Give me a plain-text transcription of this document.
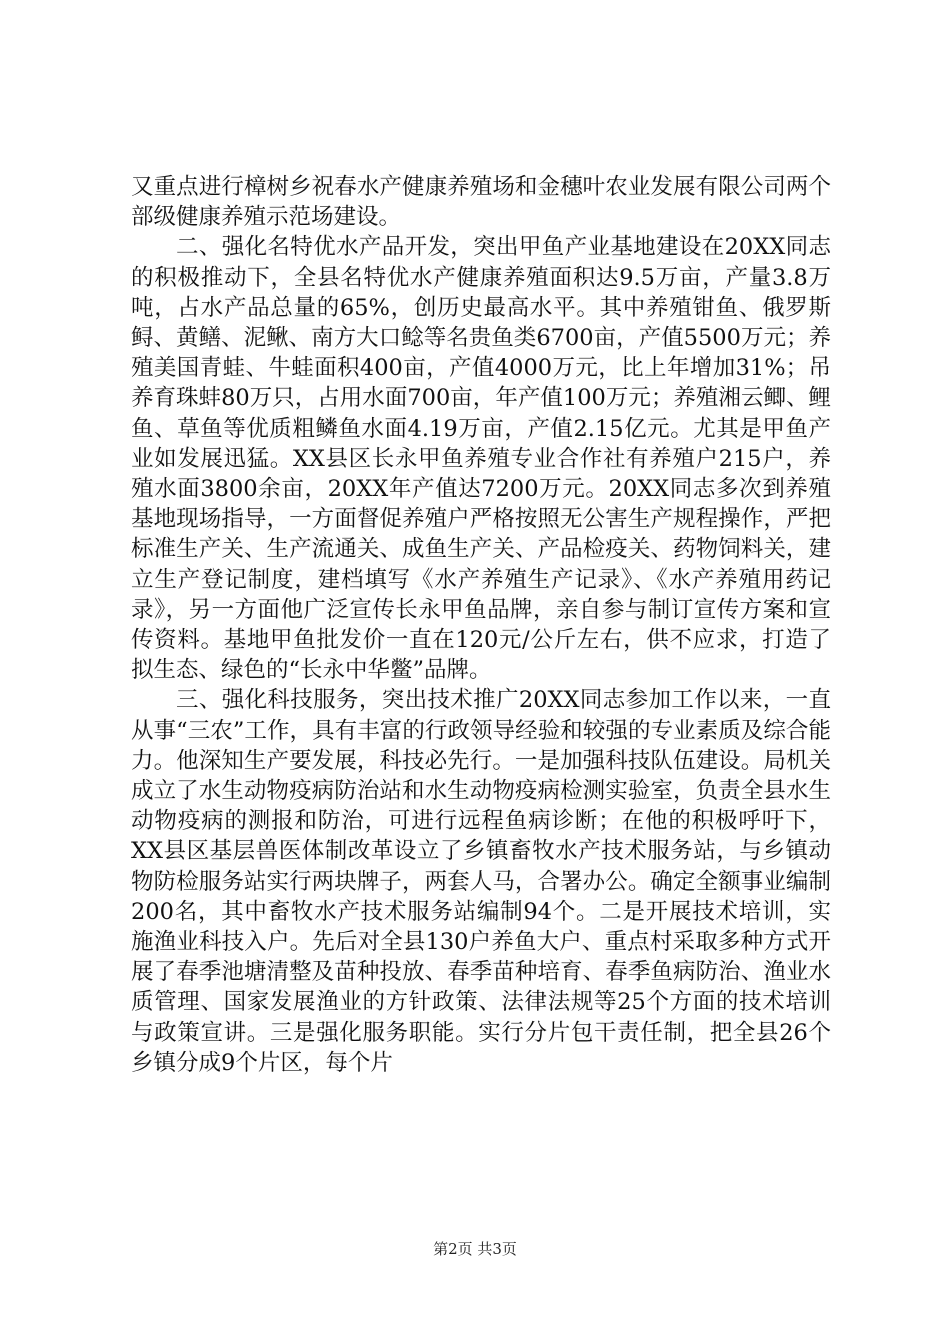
又重点进行樟树乡祝春水产健康养殖场和金穗叶农业发展有限公司两个部级健康养殖示范场建设。

二、强化名特优水产品开发，突出甲鱼产业基地建设在20XX同志的积极推动下，全县名特优水产健康养殖面积达9.5万亩，产量3.8万吨，占水产品总量的65%，创历史最高水平。其中养殖钳鱼、俄罗斯鲟、黄鳝、泥鳅、南方大口鲶等名贵鱼类6700亩，产值5500万元；养殖美国青蛙、牛蛙面积400亩，产值4000万元，比上年增加31%；吊养育珠蚌80万只，占用水面700亩，年产值100万元；养殖湘云鲫、鲤鱼、草鱼等优质粗鳞鱼水面4.19万亩，产值2.15亿元。尤其是甲鱼产业如发展迅猛。XX县区长永甲鱼养殖专业合作社有养殖户215户，养殖水面3800余亩，20XX年产值达7200万元。20XX同志多次到养殖基地现场指导，一方面督促养殖户严格按照无公害生产规程操作，严把标准生产关、生产流通关、成鱼生产关、产品检疫关、药物饲料关，建立生产登记制度，建档填写《水产养殖生产记录》、《水产养殖用药记录》，另一方面他广泛宣传长永甲鱼品牌，亲自参与制订宣传方案和宣传资料。基地甲鱼批发价一直在120元/公斤左右，供不应求，打造了拟生态、绿色的“长永中华鳖”品牌。

三、强化科技服务，突出技术推广20XX同志参加工作以来，一直从事“三农”工作，具有丰富的行政领导经验和较强的专业素质及综合能力。他深知生产要发展，科技必先行。一是加强科技队伍建设。局机关成立了水生动物疫病防治站和水生动物疫病检测实验室，负责全县水生动物疫病的测报和防治，可进行远程鱼病诊断；在他的积极呼吁下，XX县区基层兽医体制改革设立了乡镇畜牧水产技术服务站，与乡镇动物防检服务站实行两块牌子，两套人马，合署办公。确定全额事业编制200名，其中畜牧水产技术服务站编制94个。二是开展技术培训，实施渔业科技入户。先后对全县130户养鱼大户、重点村采取多种方式开展了春季池塘清整及苗种投放、春季苗种培育、春季鱼病防治、渔业水质管理、国家发展渔业的方针政策、法律法规等25个方面的技术培训与政策宣讲。三是强化服务职能。实行分片包干责任制，把全县26个乡镇分成9个片区，每个片

第2页 共3页
